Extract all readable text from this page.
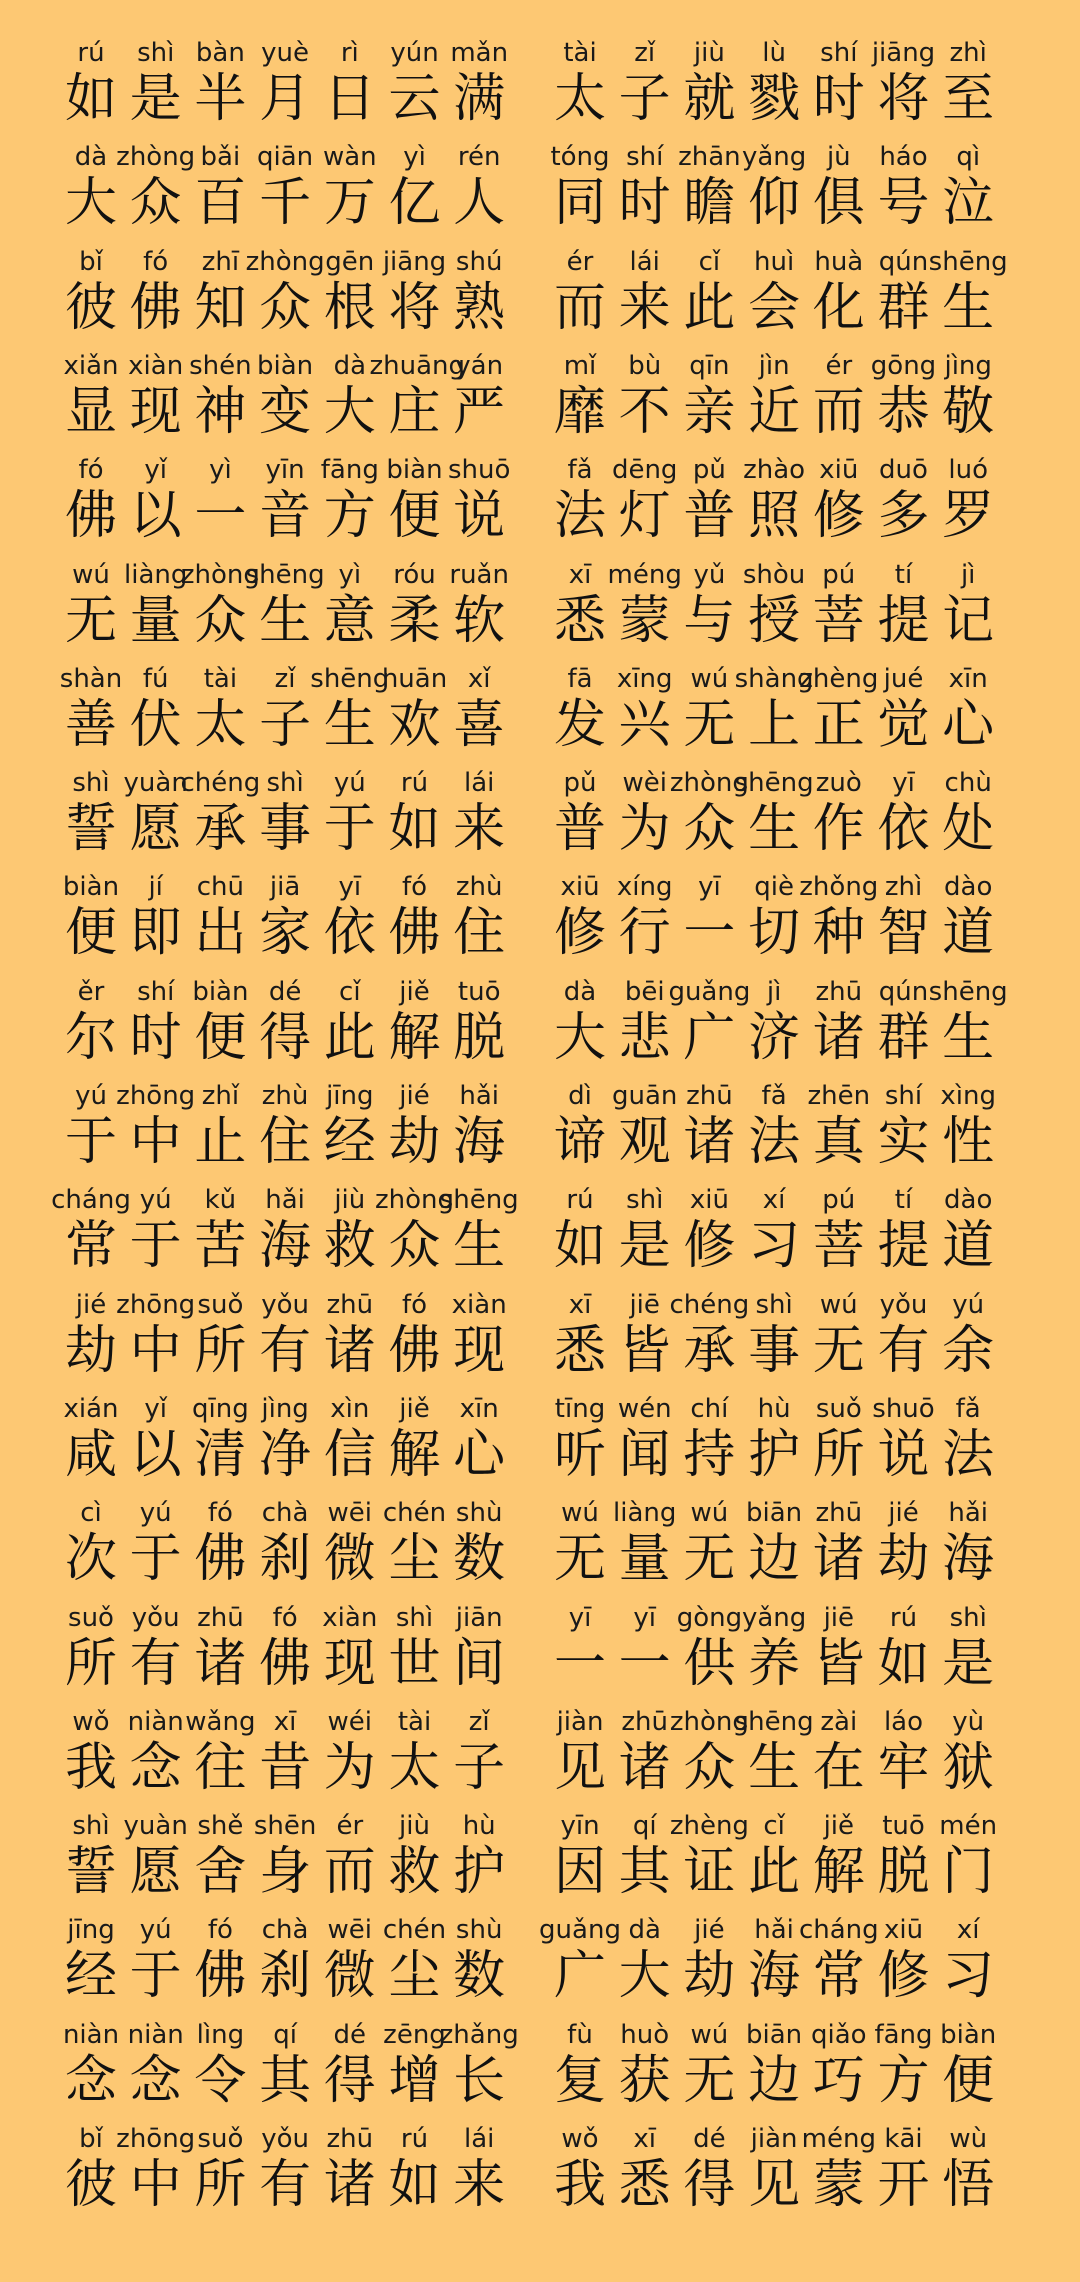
rú
如
shì
是
bàn
半
yuè
月
rì
日
yún
云
mǎn
满
tài
太
zǐ
子
jiù
就
lù
戮
shí
时
jiāng
将
zhì
至
dà
大
zhòng
众
bǎi
百
qiān
千
wàn
万
yì
亿
rén
人
tóng
同
shí
时
zhān
瞻
yǎng
仰
jù
俱
háo
号
qì
泣
bǐ
彼
fó
佛
zhī
知
zhòng
众
gēn
根
jiāng
将
shú
熟
ér
而
lái
来
cǐ
此
huì
会
huà
化
qún
群
shēng
生
xiǎn
显
xiàn
现
shén
神
biàn
变
dà
大
zhuāng
庄
yán
严
mǐ
靡
bù
不
qīn
亲
jìn
近
ér
而
gōng
恭
jìng
敬
fó
佛
yǐ
以
yì
一
yīn
音
fāng
方
biàn
便
shuō
说
fǎ
法
dēng
灯
pǔ
普
zhào
照
xiū
修
duō
多
luó
罗
wú
无
liàng
量
zhòng
众
shēng
生
yì
意
róu
柔
ruǎn
软
xī
悉
méng
蒙
yǔ
与
shòu
授
pú
菩
tí
提
jì
记
shàn
善
fú
伏
tài
太
zǐ
子
shēng
生
huān
欢
xǐ
喜
fā
发
xīng
兴
wú
无
shàng
上
zhèng
正
jué
觉
xīn
心
shì
誓
yuàn
愿
chéng
承
shì
事
yú
于
rú
如
lái
来
pǔ
普
wèi
为
zhòng
众
shēng
生
zuò
作
yī
依
chù
处
biàn
便
jí
即
chū
出
jiā
家
yī
依
fó
佛
zhù
住
xiū
修
xíng
行
yī
一
qiè
切
zhǒng
种
zhì
智
dào
道
ěr
尔
shí
时
biàn
便
dé
得
cǐ
此
jiě
解
tuō
脱
dà
大
bēi
悲
guǎng
广
jì
济
zhū
诸
qún
群
shēng
生
yú
于
zhōng
中
zhǐ
止
zhù
住
jīng
经
jié
劫
hǎi
海
dì
谛
guān
观
zhū
诸
fǎ
法
zhēn
真
shí
实
xìng
性
cháng
常
yú
于
kǔ
苦
hǎi
海
jiù
救
zhòng
众
shēng
生
rú
如
shì
是
xiū
修
xí
习
pú
菩
tí
提
dào
道
jié
劫
zhōng
中
suǒ
所
yǒu
有
zhū
诸
fó
佛
xiàn
现
xī
悉
jiē
皆
chéng
承
shì
事
wú
无
yǒu
有
yú
余
xián
咸
yǐ
以
qīng
清
jìng
净
xìn
信
jiě
解
xīn
心
tīng
听
wén
闻
chí
持
hù
护
suǒ
所
shuō
说
fǎ
法
cì
次
yú
于
fó
佛
chà
刹
wēi
微
chén
尘
shù
数
wú
无
liàng
量
wú
无
biān
边
zhū
诸
jié
劫
hǎi
海
suǒ
所
yǒu
有
zhū
诸
fó
佛
xiàn
现
shì
世
jiān
间
yī
一
yī
一
gòng
供
yǎng
养
jiē
皆
rú
如
shì
是
wǒ
我
niàn
念
wǎng
往
xī
昔
wéi
为
tài
太
zǐ
子
jiàn
见
zhū
诸
zhòng
众
shēng
生
zài
在
láo
牢
yù
狱
shì
誓
yuàn
愿
shě
舍
shēn
身
ér
而
jiù
救
hù
护
yīn
因
qí
其
zhèng
证
cǐ
此
jiě
解
tuō
脱
mén
门
jīng
经
yú
于
fó
佛
chà
刹
wēi
微
chén
尘
shù
数
guǎng
广
dà
大
jié
劫
hǎi
海
cháng
常
xiū
修
xí
习
niàn
念
niàn
念
lìng
令
qí
其
dé
得
zēng
增
zhǎng
长
fù
复
huò
获
wú
无
biān
边
qiǎo
巧
fāng
方
biàn
便
bǐ
彼
zhōng
中
suǒ
所
yǒu
有
zhū
诸
rú
如
lái
来
wǒ
我
xī
悉
dé
得
jiàn
见
méng
蒙
kāi
开
wù
悟
